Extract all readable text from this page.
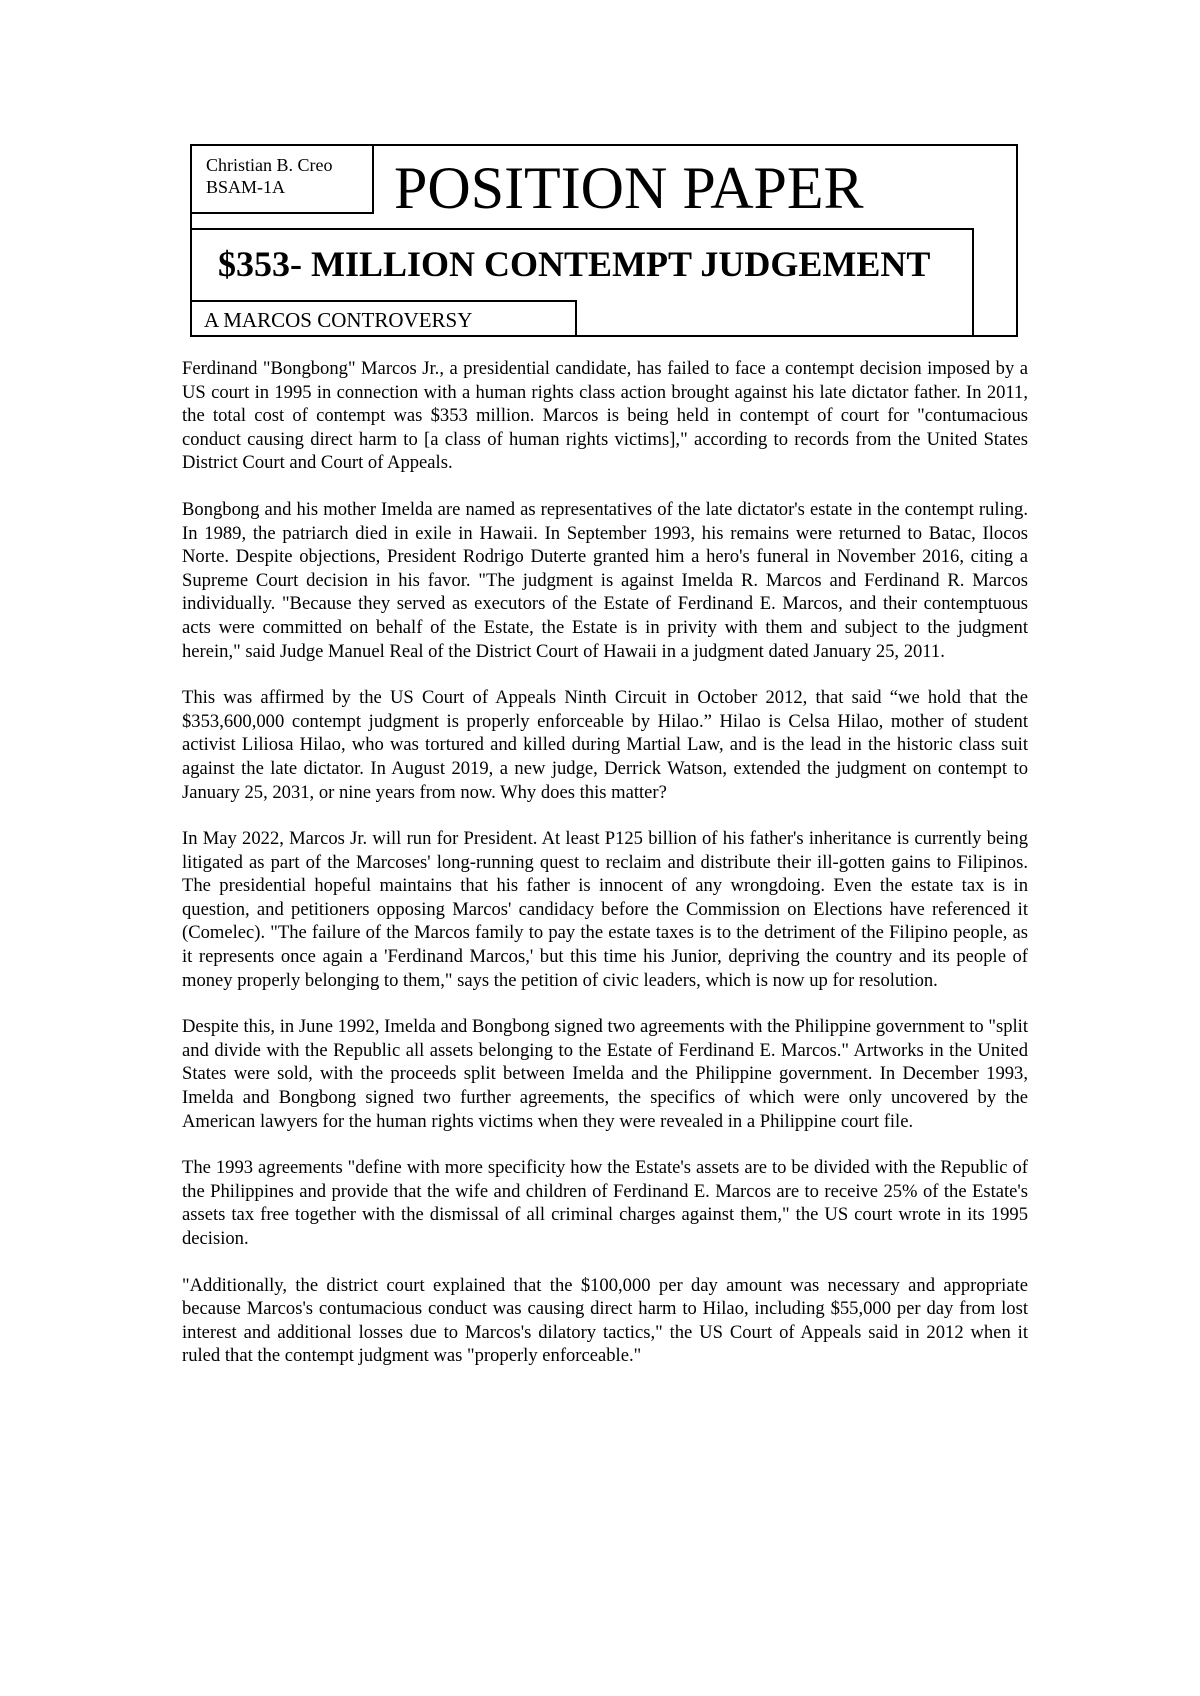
Christian B. Creo
BSAM-1A	POSITION PAPER
$353- MILLION CONTEMPT JUDGEMENT
A MARCOS CONTROVERSY

Ferdinand "Bongbong" Marcos Jr., a presidential candidate, has failed to face a contempt decision imposed by a US court in 1995 in connection with a human rights class action brought against his late dictator father. In 2011, the total cost of contempt was $353 million. Marcos is being held in contempt of court for "contumacious conduct causing direct harm to [a class of human rights victims]," according to records from the United States District Court and Court of Appeals.

Bongbong and his mother Imelda are named as representatives of the late dictator's estate in the contempt ruling. In 1989, the patriarch died in exile in Hawaii. In September 1993, his remains were returned to Batac, Ilocos Norte. Despite objections, President Rodrigo Duterte granted him a hero's funeral in November 2016, citing a Supreme Court decision in his favor. "The judgment is against Imelda R. Marcos and Ferdinand R. Marcos individually. "Because they served as executors of the Estate of Ferdinand E. Marcos, and their contemptuous acts were committed on behalf of the Estate, the Estate is in privity with them and subject to the judgment herein," said Judge Manuel Real of the District Court of Hawaii in a judgment dated January 25, 2011.

This was affirmed by the US Court of Appeals Ninth Circuit in October 2012, that said “we hold that the $353,600,000 contempt judgment is properly enforceable by Hilao.” Hilao is Celsa Hilao, mother of student activist Liliosa Hilao, who was tortured and killed during Martial Law, and is the lead in the historic class suit against the late dictator. In August 2019, a new judge, Derrick Watson, extended the judgment on contempt to January 25, 2031, or nine years from now. Why does this matter?

In May 2022, Marcos Jr. will run for President. At least P125 billion of his father's inheritance is currently being litigated as part of the Marcoses' long-running quest to reclaim and distribute their ill-gotten gains to Filipinos. The presidential hopeful maintains that his father is innocent of any wrongdoing. Even the estate tax is in question, and petitioners opposing Marcos' candidacy before the Commission on Elections have referenced it (Comelec). "The failure of the Marcos family to pay the estate taxes is to the detriment of the Filipino people, as it represents once again a 'Ferdinand Marcos,' but this time his Junior, depriving the country and its people of money properly belonging to them," says the petition of civic leaders, which is now up for resolution.

Despite this, in June 1992, Imelda and Bongbong signed two agreements with the Philippine government to "split and divide with the Republic all assets belonging to the Estate of Ferdinand E. Marcos." Artworks in the United States were sold, with the proceeds split between Imelda and the Philippine government. In December 1993, Imelda and Bongbong signed two further agreements, the specifics of which were only uncovered by the American lawyers for the human rights victims when they were revealed in a Philippine court file.

The 1993 agreements "define with more specificity how the Estate's assets are to be divided with the Republic of the Philippines and provide that the wife and children of Ferdinand E. Marcos are to receive 25% of the Estate's assets tax free together with the dismissal of all criminal charges against them," the US court wrote in its 1995 decision.

"Additionally, the district court explained that the $100,000 per day amount was necessary and appropriate because Marcos's contumacious conduct was causing direct harm to Hilao, including $55,000 per day from lost interest and additional losses due to Marcos's dilatory tactics," the US Court of Appeals said in 2012 when it ruled that the contempt judgment was "properly enforceable."
